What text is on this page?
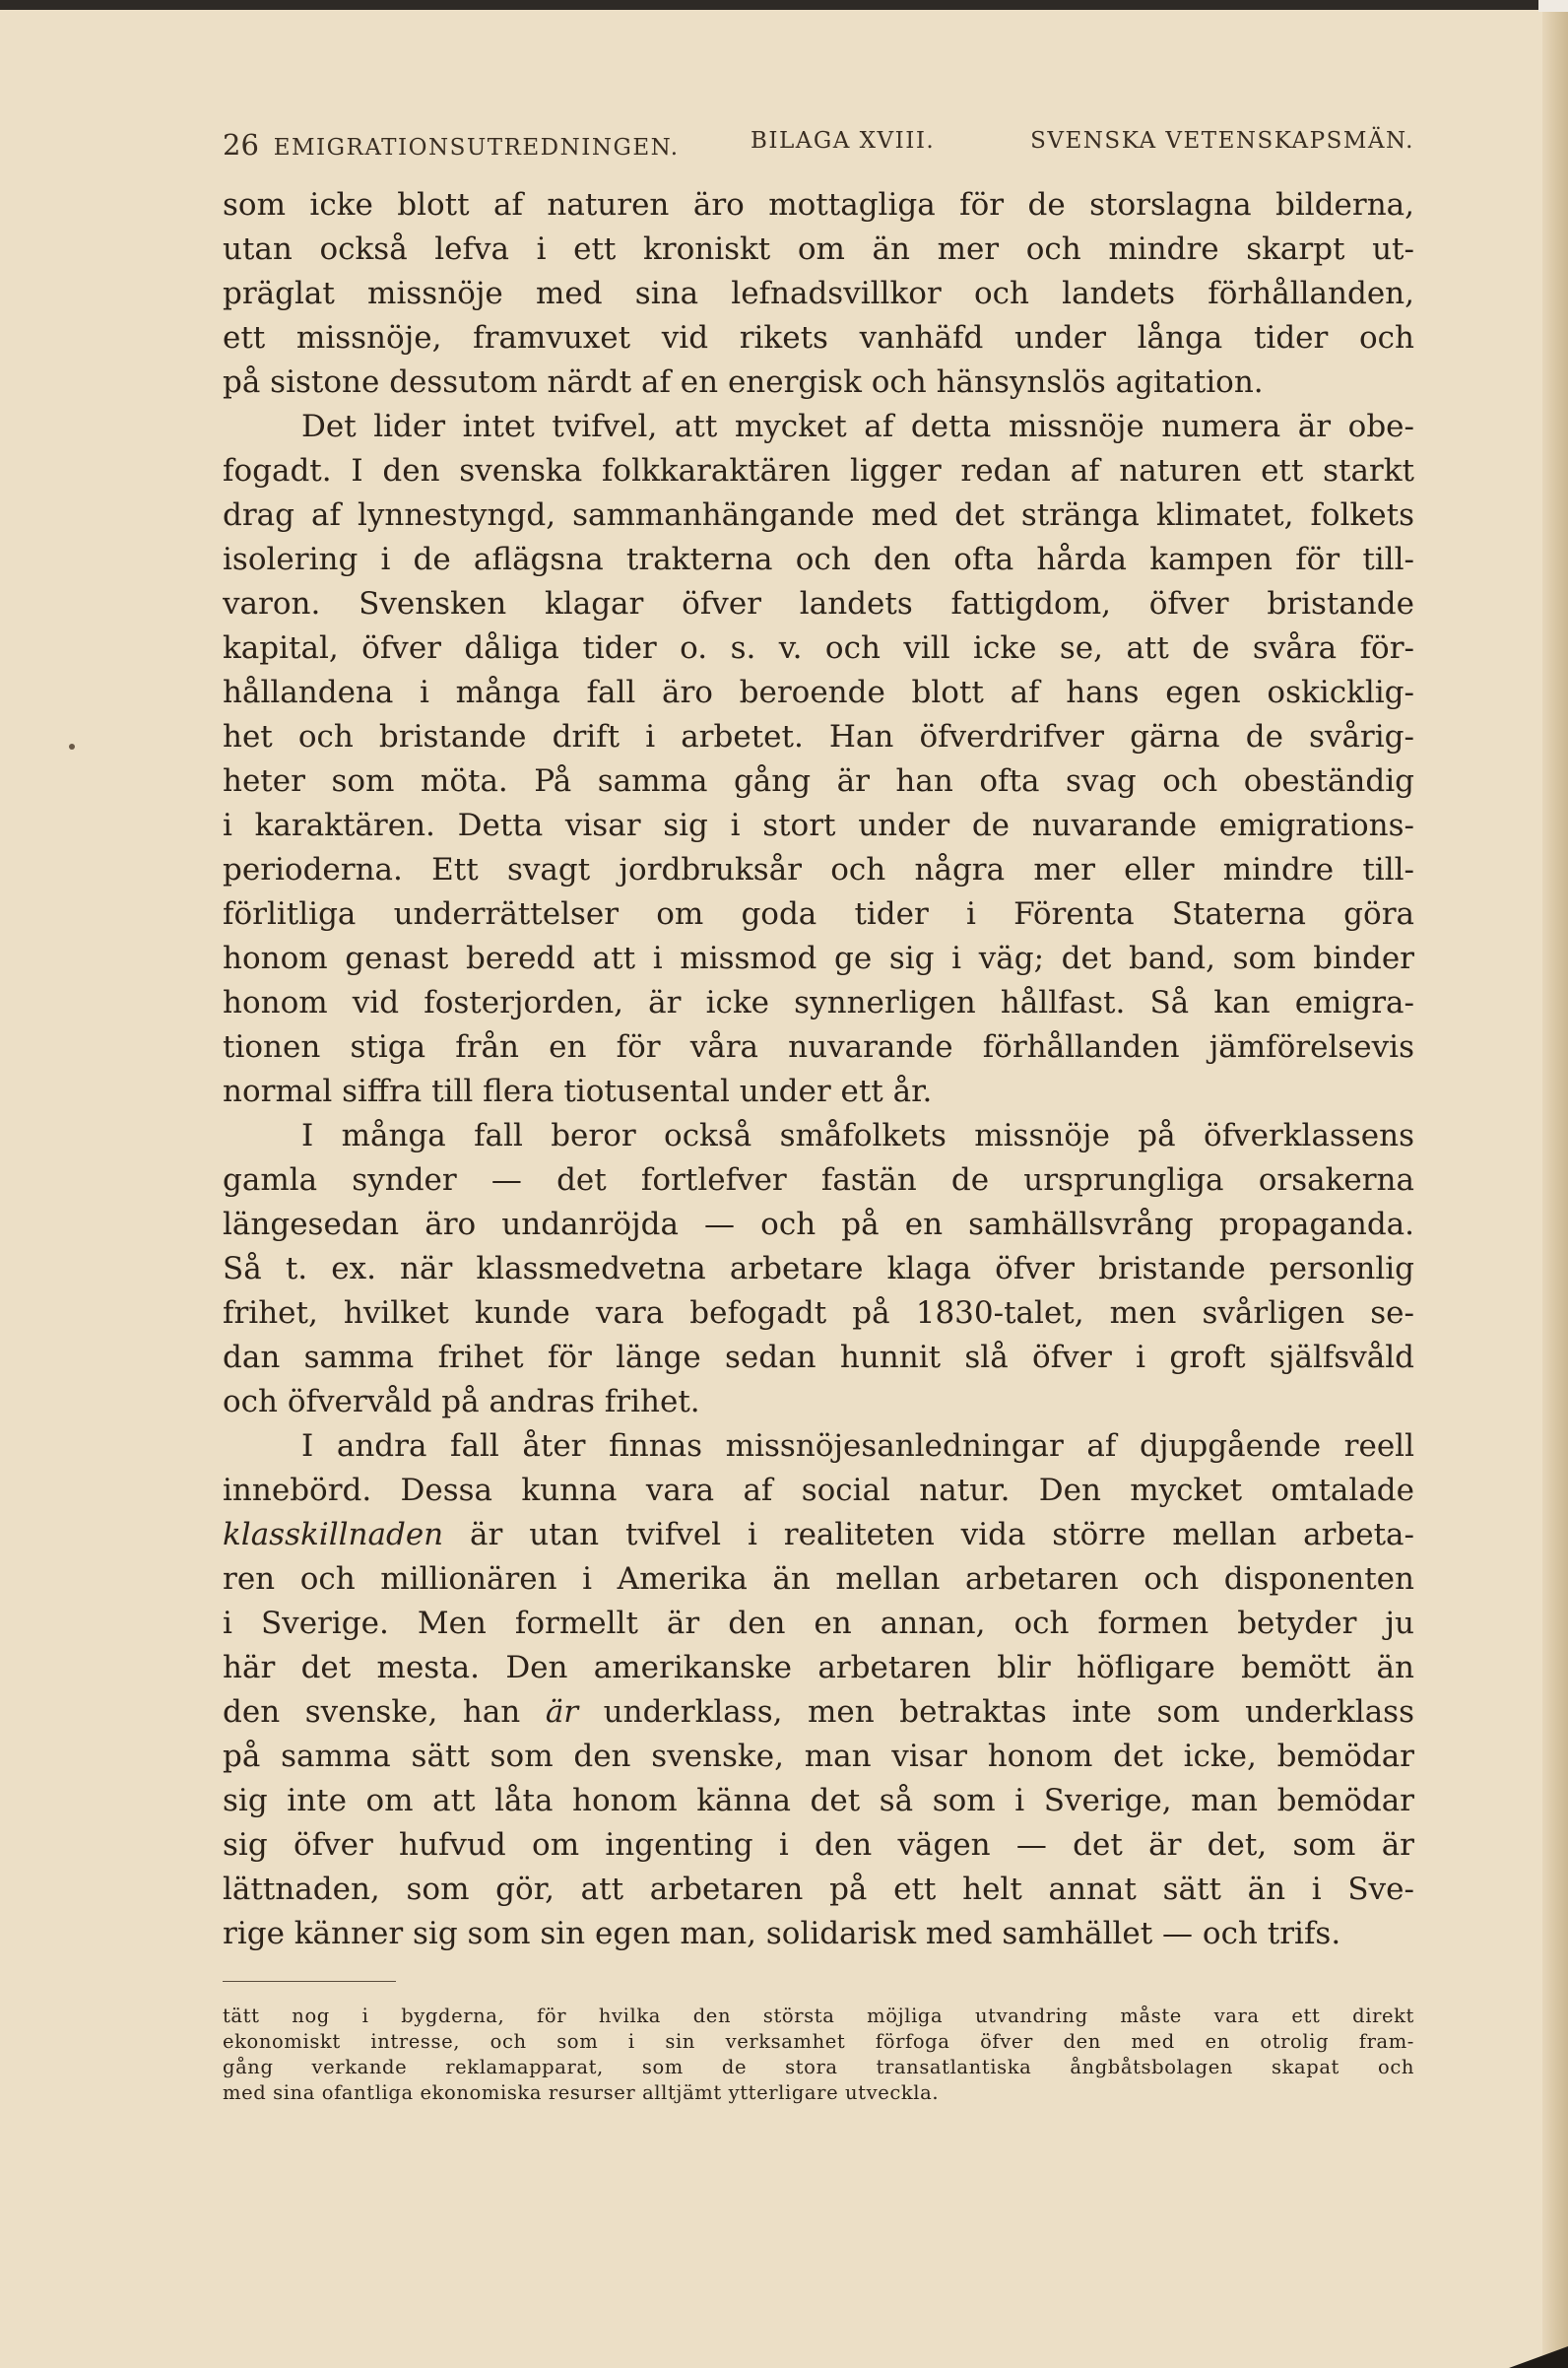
26 EMIGRATIONSUTREDNINGEN.	BILAGA XVIII.	SVENSKA VETENSKAPSMÄN.
som icke blott af naturen äro mottagliga för de storslagna bilderna,
utan också lefva i ett kroniskt om än mer och mindre skarpt ut-
präglat missnöje med sina lefnadsvillkor och landets förhållanden,
ett missnöje, framvuxet vid rikets vanhäfd under långa tider och
på sistone dessutom närdt af en energisk och hänsynslös agitation.
Det lider intet tvifvel, att mycket af detta missnöje numera är obe-
fogadt. I den svenska folkkaraktären ligger redan af naturen ett starkt
drag af lynnestyngd, sammanhängande med det stränga klimatet, folkets
isolering i de aflägsna trakterna och den ofta hårda kampen för till-
varon. Svensken klagar öfver landets fattigdom, öfver bristande
kapital, öfver dåliga tider o. s. v. och vill icke se, att de svåra för-
hållandena i många fall äro beroende blott af hans egen oskicklig-
het och bristande drift i arbetet. Han öfverdrifver gärna de svårig-
heter som möta. På samma gång är han ofta svag och obeständig
i karaktären. Detta visar sig i stort under de nuvarande emigrations-
perioderna. Ett svagt jordbruksår och några mer eller mindre till-
förlitliga underrättelser om goda tider i Förenta Staterna göra
honom genast beredd att i missmod ge sig i väg; det band, som binder
honom vid fosterjorden, är icke synnerligen hållfast. Så kan emigra-
tionen stiga från en för våra nuvarande förhållanden jämförelsevis
normal siffra till flera tiotusental under ett år.
I många fall beror också småfolkets missnöje på öfverklassens
gamla synder — det fortlefver fastän de ursprungliga orsakerna
längesedan äro undanröjda — och på en samhällsvrång propaganda.
Så t. ex. när klassmedvetna arbetare klaga öfver bristande personlig
frihet, hvilket kunde vara befogadt på 1830-talet, men svårligen se-
dan samma frihet för länge sedan hunnit slå öfver i groft själfsvåld
och öfvervåld på andras frihet.
I andra fall åter finnas missnöjesanledningar af djupgående reell
innebörd. Dessa kunna vara af social natur. Den mycket omtalade
klasskillnaden är utan tvifvel i realiteten vida större mellan arbeta-
ren och millionären i Amerika än mellan arbetaren och disponenten
i Sverige. Men formellt är den en annan, och formen betyder ju
här det mesta. Den amerikanske arbetaren blir höfligare bemött än
den svenske, han är underklass, men betraktas inte som underklass
på samma sätt som den svenske, man visar honom det icke, bemödar
sig inte om att låta honom känna det så som i Sverige, man bemödar
sig öfver hufvud om ingenting i den vägen — det är det, som är
lättnaden, som gör, att arbetaren på ett helt annat sätt än i Sve-
rige känner sig som sin egen man, solidarisk med samhället — och trifs.
tätt nog i bygderna, för hvilka den största möjliga utvandring måste vara ett direkt
ekonomiskt intresse, och som i sin verksamhet förfoga öfver den med en otrolig fram-
gång verkande reklamapparat, som de stora transatlantiska ångbåtsbolagen skapat och
med sina ofantliga ekonomiska resurser alltjämt ytterligare utveckla.
